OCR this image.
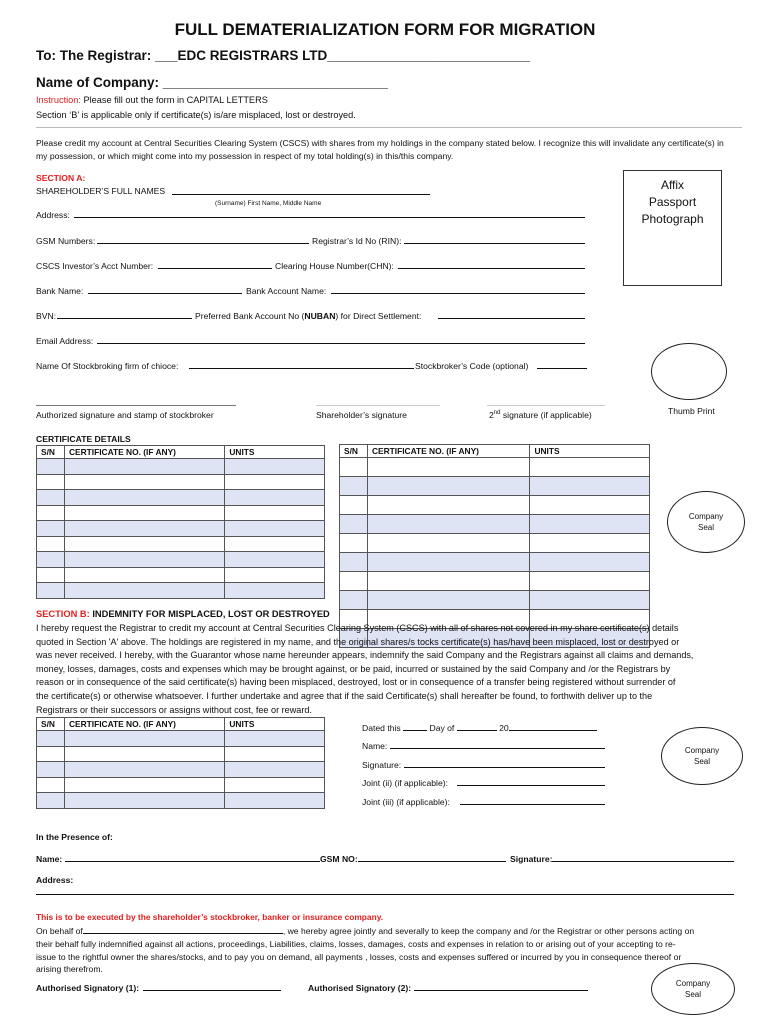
FULL DEMATERIALIZATION FORM FOR MIGRATION
To: The Registrar: ___EDC REGISTRARS LTD___________________________
Name of Company: ______________________________
Instruction: Please fill out the form in CAPITAL LETTERS
Section ‘B’ is applicable only if certificate(s) is/are misplaced, lost or destroyed.
Please credit my account at Central Securities Clearing System (CSCS) with shares from my holdings in the company stated below. I recognize this will invalidate any certificate(s) in my possession, or which might come into my possession in respect of my total holding(s) in this/this company.
SECTION A:
SHAREHOLDER’S FULL NAMES
(Surname) First Name, Middle Name
Address:
GSM Numbers:	Registrar’s Id No (RIN):
CSCS Investor’s Acct Number:	Clearing House Number(CHN):
Bank Name:	Bank Account Name:
BVN:	Preferred Bank Account No (NUBAN) for Direct Settlement:
Email Address:
Name Of Stockbroking firm of chioce:	Stockbroker’s Code (optional)
Authorized signature and stamp of stockbroker	Shareholder’s signature	2nd signature (if applicable)
Affix
Passport
Photograph
Thumb Print
CERTIFICATE DETAILS
S/N	CERTIFICATE NO. (IF ANY)	UNITS

			S/N	CERTIFICATE NO. (IF ANY)	UNITS

Company
Seal
SECTION B: INDEMNITY FOR MISPLACED, LOST OR DESTROYED
I hereby request the Registrar to credit my account at Central Securities Clearing System (CSCS) with all of shares not covered in my share certificate(s) details
quoted in Section 'A' above. The holdings are registered in my name, and the original shares/s tocks certificate(s) has/have been misplaced, lost or destroyed or
was never received. I hereby, with the Guarantor whose name hereunder appears, indemnify the said Company and the Registrars against all claims and demands,
money, losses, damages, costs and expenses which may be brought against, or be paid, incurred or sustained by the said Company and /or the Registrars by
reason or in consequence of the said certificate(s) having been misplaced, destroyed, lost or in consequence of a transfer being registered without surrender of
the certificate(s) or otherwise whatsoever. I further undertake and agree that if the said Certificate(s) shall hereafter be found, to forthwith deliver up to the
Registrars or their successors or assigns without cost, fee or reward.
S/N	CERTIFICATE NO. (IF ANY)	UNITS

			Dated this	Day of	20
Name:
Signature:
Joint (ii) (if applicable):
Joint (iii) (if applicable):
Company
Seal
In the Presence of:
Name:	GSM NO:	Signature:
Address:
This is to be executed by the shareholder’s stockbroker, banker or insurance company.
On behalf of	, we hereby agree jointly and severally to keep the company and /or the Registrar or other persons acting on
their behalf fully indemnified against all actions, proceedings, Liabilities, claims, losses, damages, costs and expenses in relation to or arising out of your accepting to re-
issue to the rightful owner the shares/stocks, and to pay you on demand, all payments , losses, costs and expenses suffered or incurred by you in consequence thereof or
arising therefrom.
Authorised Signatory (1):	Authorised Signatory (2):	Company
Seal
